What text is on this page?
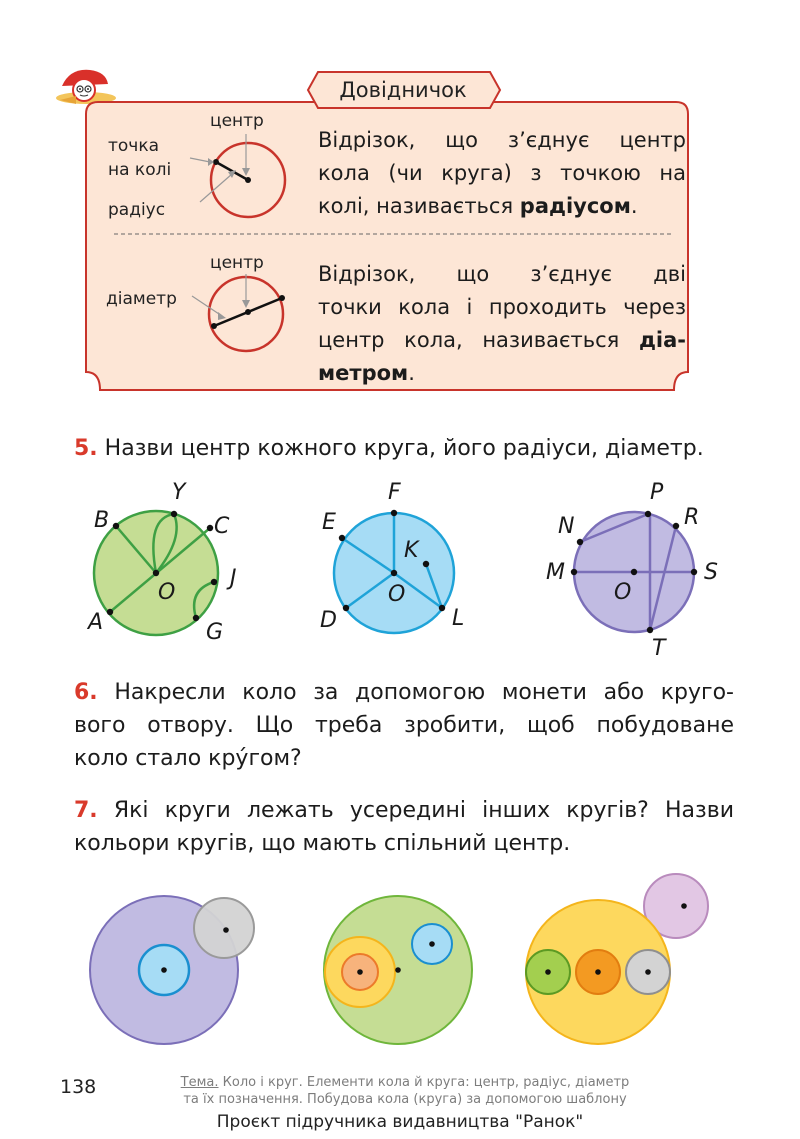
Довідничок
центр
точка
на колі
радіус
Відрізок, що з’єднує центр
кола (чи круга) з точкою на
колі, називається радіусом.
центр
діаметр
Відрізок, що з’єднує дві
точки кола і проходить через
центр кола, називається діа-
метром.
5. Назви центр кожного круга, його радіуси, діаметр.
B
Y
C
O
J
A	G
F
E
K
O
D	L
P
N	R
M
O
S
T
6. Накресли коло за допомогою монети або круго-
вого отвору. Що треба зробити, щоб побудоване
коло стало кру́гом?
7. Які круги лежать усередині інших кругів? Назви
кольори кругів, що мають спільний центр.
138	Тема. Коло і круг. Елементи кола й круга: центр, радіус, діаметр
та їх позначення. Побудова кола (круга) за допомогою шаблону
Проєкт підручника видавництва "Ранок"
